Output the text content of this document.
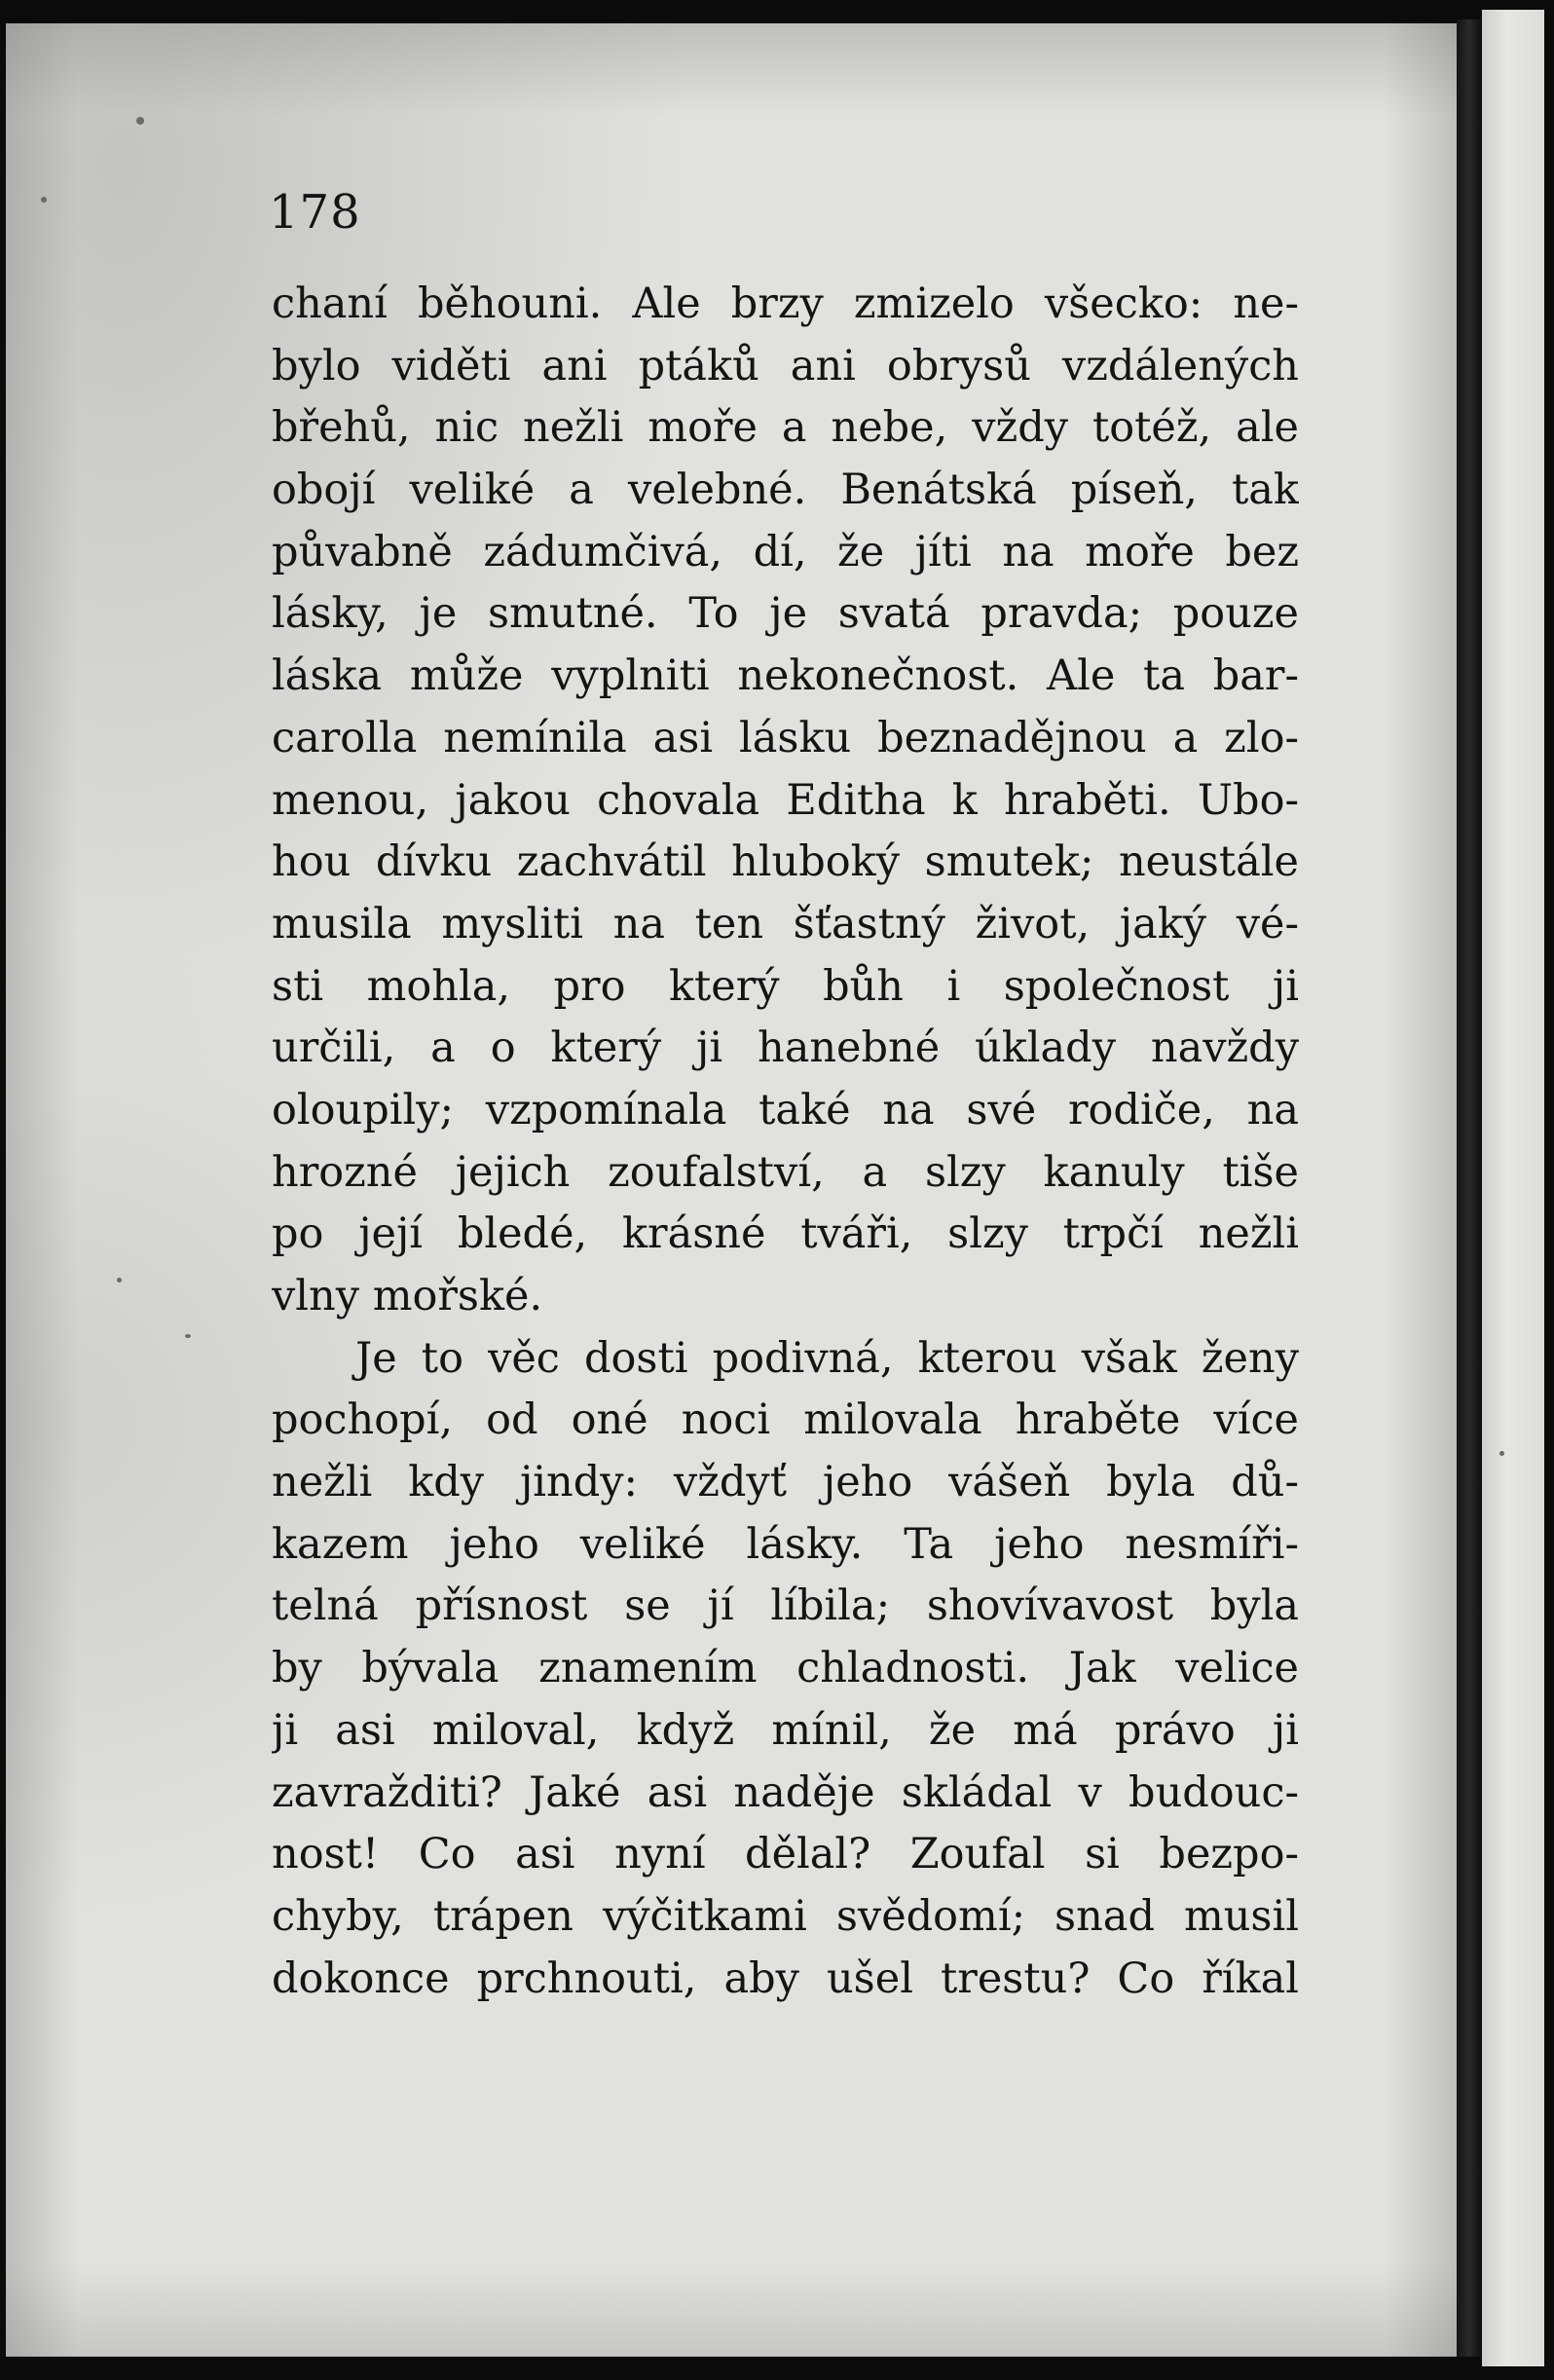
178

chaní běhouni. Ale brzy zmizelo všecko: ne-
bylo viděti ani ptáků ani obrysů vzdálených
břehů, nic nežli moře a nebe, vždy totéž, ale
obojí veliké a velebné. Benátská píseň, tak
půvabně zádumčivá, dí, že jíti na moře bez
lásky, je smutné. To je svatá pravda; pouze
láska může vyplniti nekonečnost. Ale ta bar-
carolla nemínila asi lásku beznadějnou a zlo-
menou, jakou chovala Editha k hraběti. Ubo-
hou dívku zachvátil hluboký smutek; neustále
musila mysliti na ten šťastný život, jaký vé-
sti mohla, pro který bůh i společnost ji
určili, a o který ji hanebné úklady navždy
oloupily; vzpomínala také na své rodiče, na
hrozné jejich zoufalství, a slzy kanuly tiše
po její bledé, krásné tváři, slzy trpčí nežli
vlny mořské.
Je to věc dosti podivná, kterou však ženy
pochopí, od oné noci milovala hraběte více
nežli kdy jindy: vždyť jeho vášeň byla dů-
kazem jeho veliké lásky. Ta jeho nesmíři-
telná přísnost se jí líbila; shovívavost byla
by bývala znamením chladnosti. Jak velice
ji asi miloval, když mínil, že má právo ji
zavražditi? Jaké asi naděje skládal v budouc-
nost! Co asi nyní dělal? Zoufal si bezpo-
chyby, trápen výčitkami svědomí; snad musil
dokonce prchnouti, aby ušel trestu? Co říkal
